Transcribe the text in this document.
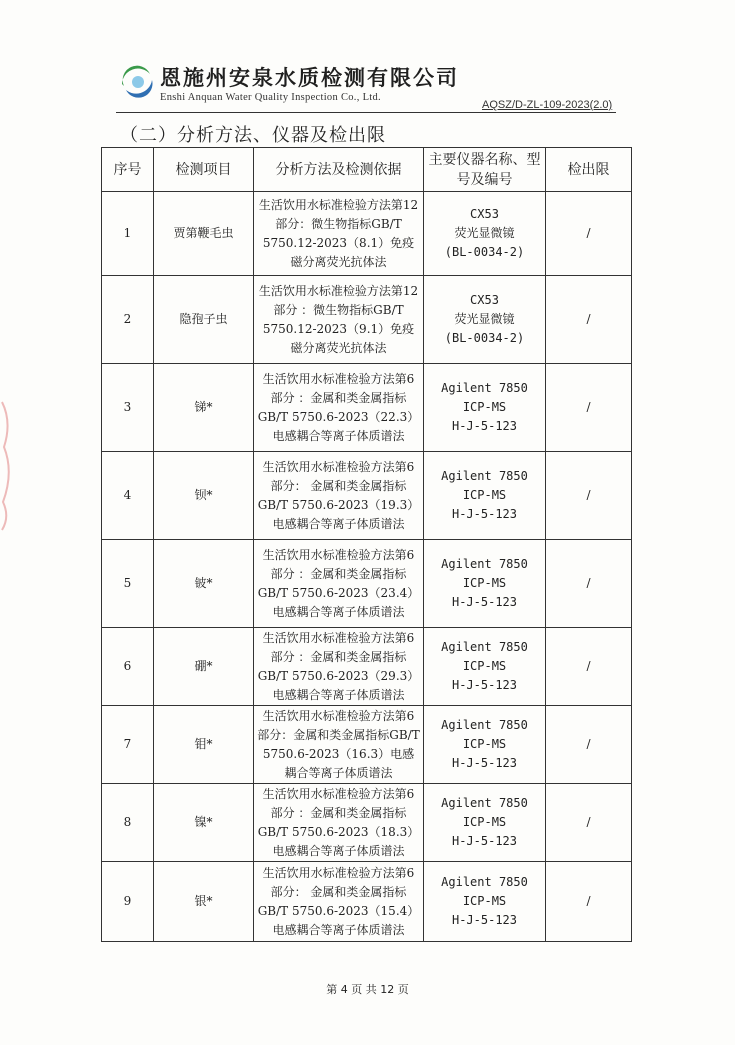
恩施州安泉水质检测有限公司
Enshi Anquan Water Quality Inspection Co., Ltd.
AQSZ/D-ZL-109-2023(2.0)
（二）分析方法、仪器及检出限
序号	检测项目	分析方法及检测依据	主要仪器名称、型号及编号	检出限
1	贾第鞭毛虫	生活饮用水标准检验方法第12部分：微生物指标GB/T 5750.12-2023（8.1）免疫磁分离荧光抗体法	CX53
荧光显微镜
(BL-0034-2)	/
2	隐孢子虫	生活饮用水标准检验方法第12部分 ：微生物指标GB/T 5750.12-2023（9.1）免疫磁分离荧光抗体法	CX53
荧光显微镜
(BL-0034-2)	/
3	锑*	生活饮用水标准检验方法第6部分 ：金属和类金属指标GB/T 5750.6-2023（22.3）电感耦合等离子体质谱法	Agilent 7850
ICP-MS
H-J-5-123	/
4	钡*	生活饮用水标准检验方法第6部分： 金属和类金属指标GB/T 5750.6-2023（19.3）电感耦合等离子体质谱法	Agilent 7850
ICP-MS
H-J-5-123	/
5	铍*	生活饮用水标准检验方法第6部分 ：金属和类金属指标GB/T 5750.6-2023（23.4）电感耦合等离子体质谱法	Agilent 7850
ICP-MS
H-J-5-123	/
6	硼*	生活饮用水标准检验方法第6部分 ：金属和类金属指标GB/T 5750.6-2023（29.3）电感耦合等离子体质谱法	Agilent 7850
ICP-MS
H-J-5-123	/
7	钼*	生活饮用水标准检验方法第6部分：金属和类金属指标GB/T 5750.6-2023（16.3）电感耦合等离子体质谱法	Agilent 7850
ICP-MS
H-J-5-123	/
8	镍*	生活饮用水标准检验方法第6部分 ：金属和类金属指标GB/T 5750.6-2023（18.3）电感耦合等离子体质谱法	Agilent 7850
ICP-MS
H-J-5-123	/
9	银*	生活饮用水标准检验方法第6部分： 金属和类金属指标GB/T 5750.6-2023（15.4）电感耦合等离子体质谱法	Agilent 7850
ICP-MS
H-J-5-123	/
第 4 页 共 12 页
